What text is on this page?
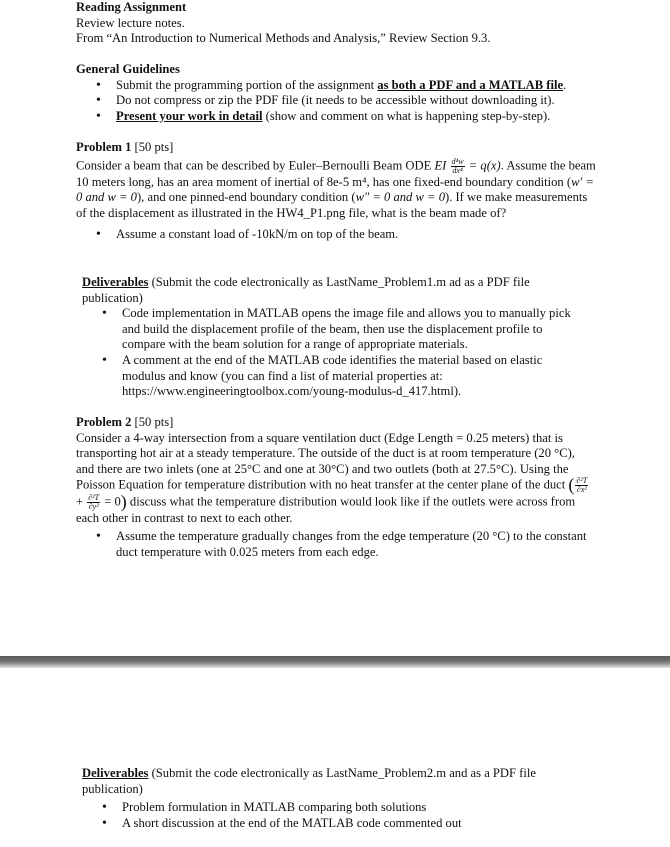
Reading Assignment

Review lecture notes.

From “An Introduction to Numerical Methods and Analysis,” Review Section 9.3.

General Guidelines

• Submit the programming portion of the assignment as both a PDF and a MATLAB file.
• Do not compress or zip the PDF file (it needs to be accessible without downloading it).
• Present your work in detail (show and comment on what is happening step-by-step).

Problem 1 [50 pts]

Consider a beam that can be described by Euler–Bernoulli Beam ODE EI $\frac{\text{d⁴w}}{\text{dx⁴}} = q(x)$. Assume the beam 10 meters long, has an area moment of inertial of 8e-5 m⁴, has one fixed-end boundary condition (w′ = 0 and w = 0), and one pinned-end boundary condition (w″ = 0 and w = 0). If we make measurements of the displacement as illustrated in the HW4_P1.png file, what is the beam made of?

• Assume a constant load of -10kN/m on top of the beam.

Deliverables (Submit the code electronically as LastName_Problem1.m ad as a PDF file publication)

• Code implementation in MATLAB opens the image file and allows you to manually pick and build the displacement profile of the beam, then use the displacement profile to compare with the beam solution for a range of appropriate materials.
• A comment at the end of the MATLAB code identifies the material based on elastic modulus and know (you can find a list of material properties at: https://www.engineeringtoolbox.com/young-modulus-d_417.html).

Problem 2 [50 pts]

Consider a 4-way intersection from a square ventilation duct (Edge Length = 0.25 meters) that is transporting hot air at a steady temperature. The outside of the duct is at room temperature (20 °C), and there are two inlets (one at 25°C and one at 30°C) and two outlets (both at 27.5°C). Using the Poisson Equation for temperature distribution with no heat transfer at the center plane of the duct ( $\frac{\text{∂²T}}{\text{∂x²}}$
+ $\frac{\text{∂²T}}{\text{∂y²}} = 0$) discuss what the temperature distribution would look like if the outlets were across from each other in contrast to next to each other.

• Assume the temperature gradually changes from the edge temperature (20 °C) to the constant duct temperature with 0.025 meters from each edge.

Deliverables (Submit the code electronically as LastName_Problem2.m and as a PDF file publication)

• Problem formulation in MATLAB comparing both solutions
• A short discussion at the end of the MATLAB code commented out
